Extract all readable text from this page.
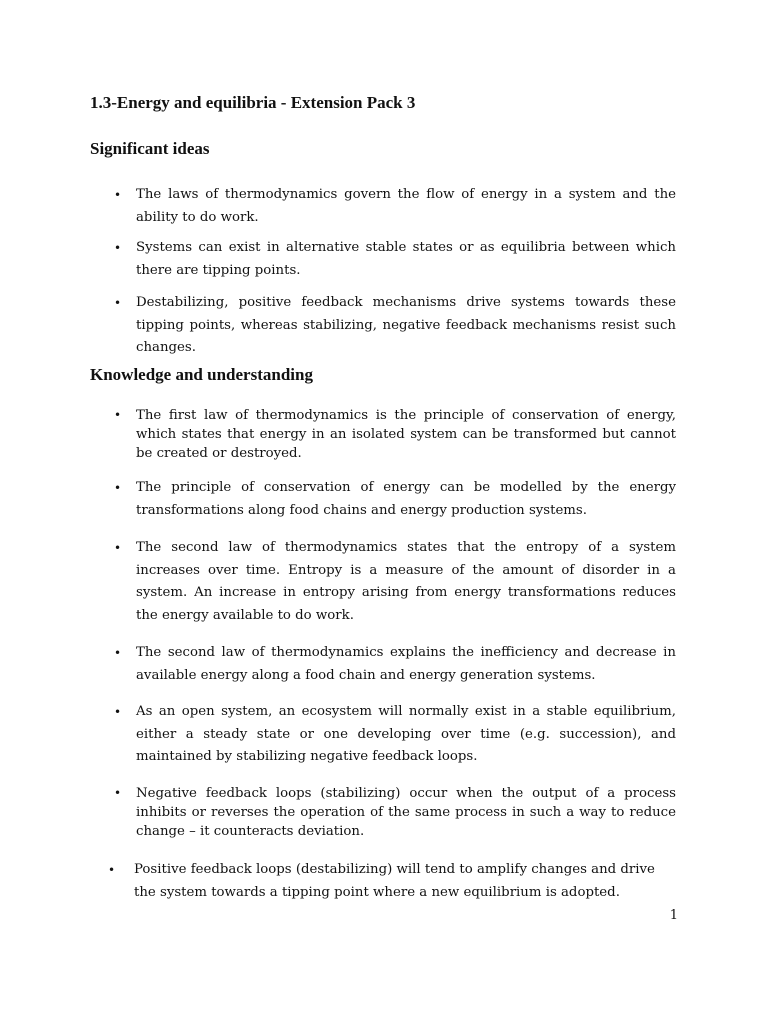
1.3-Energy and equilibria - Extension Pack 3
Significant ideas
• The laws of thermodynamics govern the flow of energy in a system and the ability to do work.
• Systems can exist in alternative stable states or as equilibria between which there are tipping points.
• Destabilizing, positive feedback mechanisms drive systems towards these tipping points, whereas stabilizing, negative feedback mechanisms resist such changes.
Knowledge and understanding
• The first law of thermodynamics is the principle of conservation of energy, which states that energy in an isolated system can be transformed but cannot be created or destroyed.
• The principle of conservation of energy can be modelled by the energy transformations along food chains and energy production systems.
• The second law of thermodynamics states that the entropy of a system increases over time. Entropy is a measure of the amount of disorder in a system. An increase in entropy arising from energy transformations reduces the energy available to do work.
• The second law of thermodynamics explains the inefficiency and decrease in available energy along a food chain and energy generation systems.
• As an open system, an ecosystem will normally exist in a stable equilibrium, either a steady state or one developing over time (e.g. succession), and maintained by stabilizing negative feedback loops.
• Negative feedback loops (stabilizing) occur when the output of a process inhibits or reverses the operation of the same process in such a way to reduce change – it counteracts deviation.
• Positive feedback loops (destabilizing) will tend to amplify changes and drive the system towards a tipping point where a new equilibrium is adopted.
1
